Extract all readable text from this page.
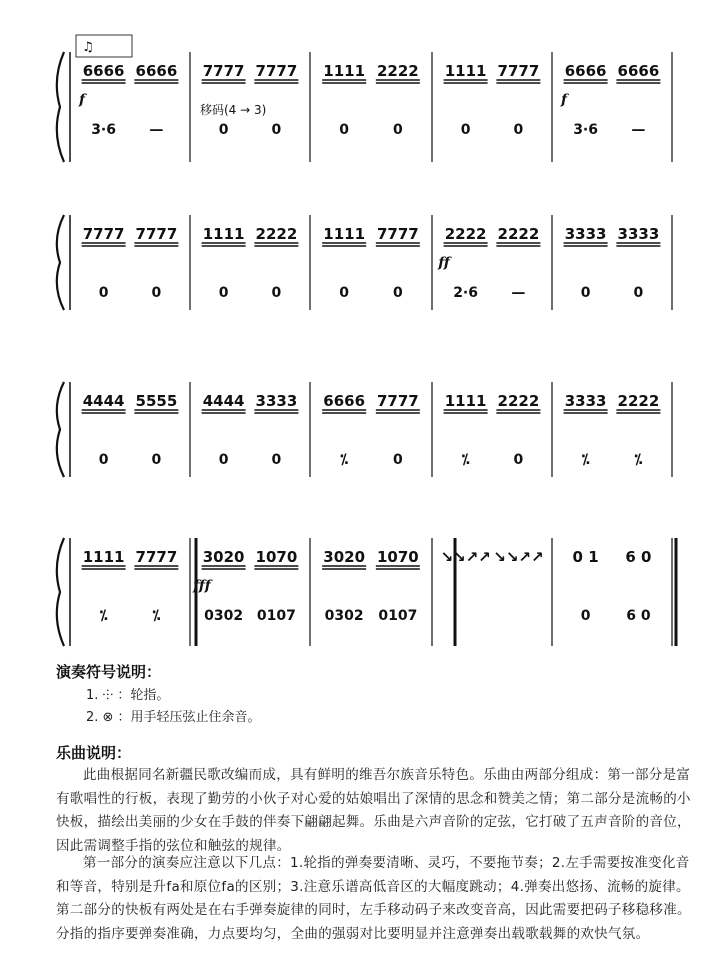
♫
6666
3·6
f
6666
—
7777
0
7777
0
1111
0
2222
0
1111
0
7777
0
6666
3·6
f
6666
—
移码(4 → 3)
7777
0
7777
0
1111
0
2222
0
1111
0
7777
0
2222
2·6
ff
2222
—
3333
0
3333
0
4444
0
5555
0
4444
0
3333
0
6666
⁒
7777
0
1111
⁒
2222
0
3333
⁒
2222
⁒
1111
⁒
7777
⁒
3020
0302
fff
1070
0107
3020
0302
1070
0107
↘↘↗↗ ↘↘↗↗ 0 1
0
6 0
6 0
演奏符号说明：
1. ⸭ ：轮指。
2. ⊗ ：用手轻压弦止住余音。
乐曲说明：

此曲根据同名新疆民歌改编而成，具有鲜明的维吾尔族音乐特色。乐曲由两部分组成：第一部分是富有歌唱性的行板，表现了勤劳的小伙子对心爱的姑娘唱出了深情的思念和赞美之情；第二部分是流畅的小快板，描绘出美丽的少女在手鼓的伴奏下翩翩起舞。乐曲是六声音阶的定弦，它打破了五声音阶的音位，因此需调整手指的弦位和触弦的规律。

第一部分的演奏应注意以下几点：1.轮指的弹奏要清晰、灵巧，不要拖节奏；2.左手需要按准变化音和等音，特别是升fa和原位fa的区别；3.注意乐谱高低音区的大幅度跳动；4.弹奏出悠扬、流畅的旋律。第二部分的快板有两处是在右手弹奏旋律的同时，左手移动码子来改变音高，因此需要把码子移稳移准。分指的指序要弹奏准确，力点要均匀，全曲的强弱对比要明显并注意弹奏出载歌载舞的欢快气氛。
